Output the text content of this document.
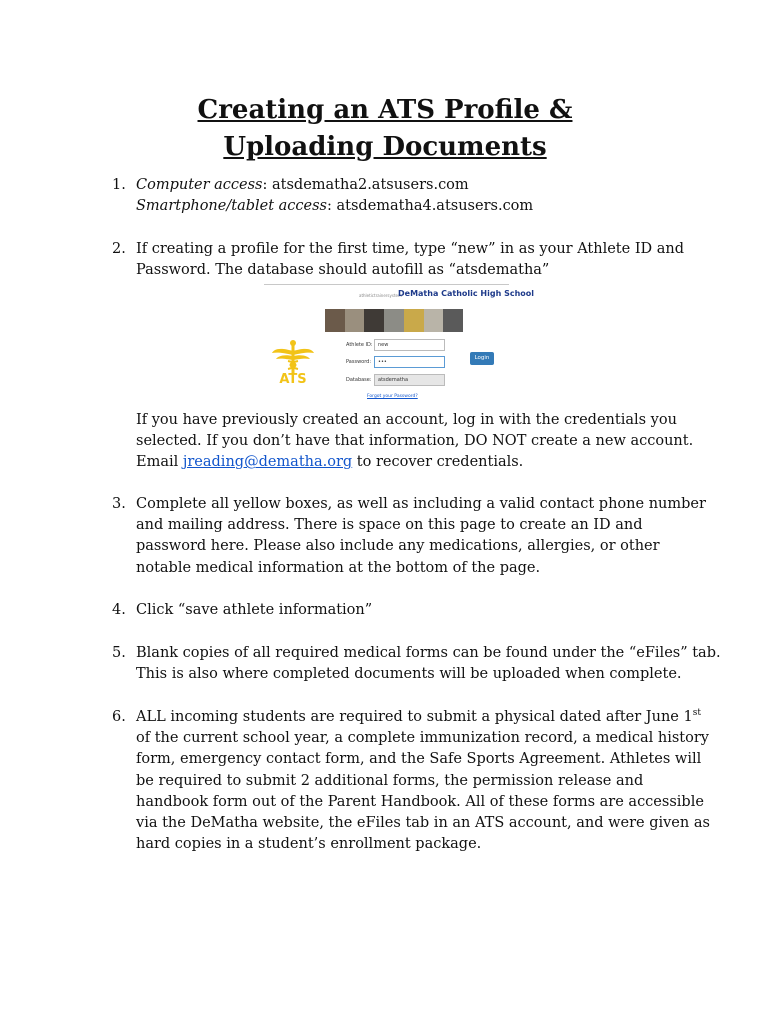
Creating an ATS Profile &
Uploading Documents
1. Computer access: atsdematha2.atsusers.com
Smartphone/tablet access: atsdematha4.atsusers.com
2. If creating a profile for the first time, type “new” in as your Athlete ID and
Password. The database should autofill as “atsdematha”
athletictrainersystem
DeMatha Catholic High School
ATS
Athlete ID:	new
Password:	•••
Database:	atsdematha
Login
Forgot your Password?
If you have previously created an account, log in with the credentials you
selected. If you don’t have that information, DO NOT create a new account.
Email jreading@dematha.org to recover credentials.
3. Complete all yellow boxes, as well as including a valid contact phone number
and mailing address. There is space on this page to create an ID and
password here. Please also include any medications, allergies, or other
notable medical information at the bottom of the page.
4. Click “save athlete information”
5. Blank copies of all required medical forms can be found under the “eFiles” tab.
This is also where completed documents will be uploaded when complete.
6. ALL incoming students are required to submit a physical dated after June 1st
of the current school year, a complete immunization record, a medical history
form, emergency contact form, and the Safe Sports Agreement. Athletes will
be required to submit 2 additional forms, the permission release and
handbook form out of the Parent Handbook. All of these forms are accessible
via the DeMatha website, the eFiles tab in an ATS account, and were given as
hard copies in a student’s enrollment package.
